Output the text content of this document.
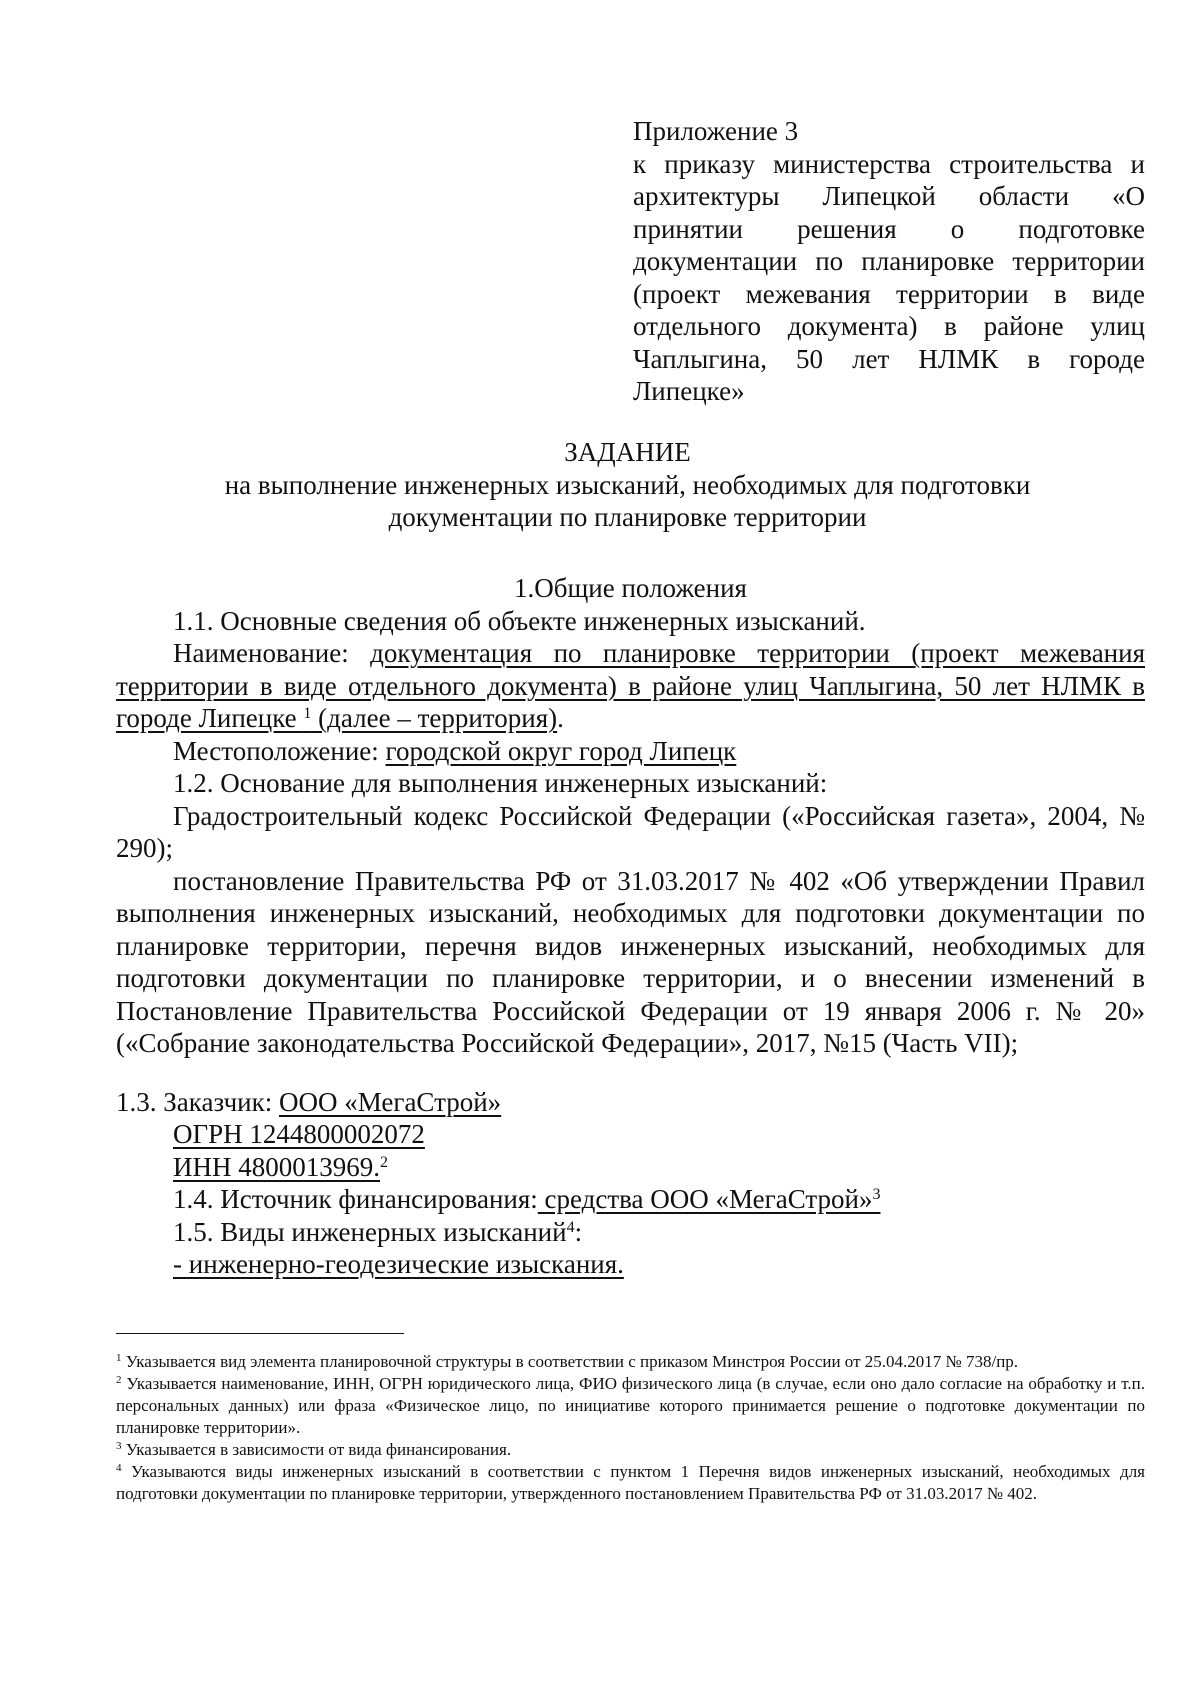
Приложение 3

к приказу министерства строительства и архитектуры Липецкой области «О принятии решения о подготовке документации по планировке территории (проект межевания территории в виде отдельного документа) в районе улиц Чаплыгина, 50 лет НЛМК в городе Липецке»

ЗАДАНИЕ

на выполнение инженерных изысканий, необходимых для подготовки

документации по планировке территории

1.Общие положения

1.1. Основные сведения об объекте инженерных изысканий.

Наименование: документация по планировке территории (проект межевания территории в виде отдельного документа) в районе улиц Чаплыгина, 50 лет НЛМК в городе Липецке $^1$ (далее – территория).

Местоположение: городской округ город Липецк

1.2. Основание для выполнения инженерных изысканий:

Градостроительный кодекс Российской Федерации («Российская газета», 2004, № 290);

постановление Правительства РФ от 31.03.2017 № 402 «Об утверждении Правил выполнения инженерных изысканий, необходимых для подготовки документации по планировке территории, перечня видов инженерных изысканий, необходимых для подготовки документации по планировке территории, и о внесении изменений в Постановление Правительства Российской Федерации от 19 января 2006 г. № 20» («Собрание законодательства Российской Федерации», 2017, №15 (Часть VII);

1.3. Заказчик: ООО «МегаСтрой»

ОГРН 1244800002072

ИНН 4800013969.$^2$

1.4. Источник финансирования: средства ООО «МегаСтрой»$^3$

1.5. Виды инженерных изысканий$^4$:

- инженерно-геодезические изыскания.

$^1$ Указывается вид элемента планировочной структуры в соответствии с приказом Минстроя России от 25.04.2017 № 738/пр.

$^2$ Указывается наименование, ИНН, ОГРН юридического лица, ФИО физического лица (в случае, если оно дало согласие на обработку и т.п. персональных данных) или фраза «Физическое лицо, по инициативе которого принимается решение о подготовке документации по планировке территории».

$^3$ Указывается в зависимости от вида финансирования.

$^4$ Указываются виды инженерных изысканий в соответствии с пунктом 1 Перечня видов инженерных изысканий, необходимых для подготовки документации по планировке территории, утвержденного постановлением Правительства РФ от 31.03.2017 № 402.
